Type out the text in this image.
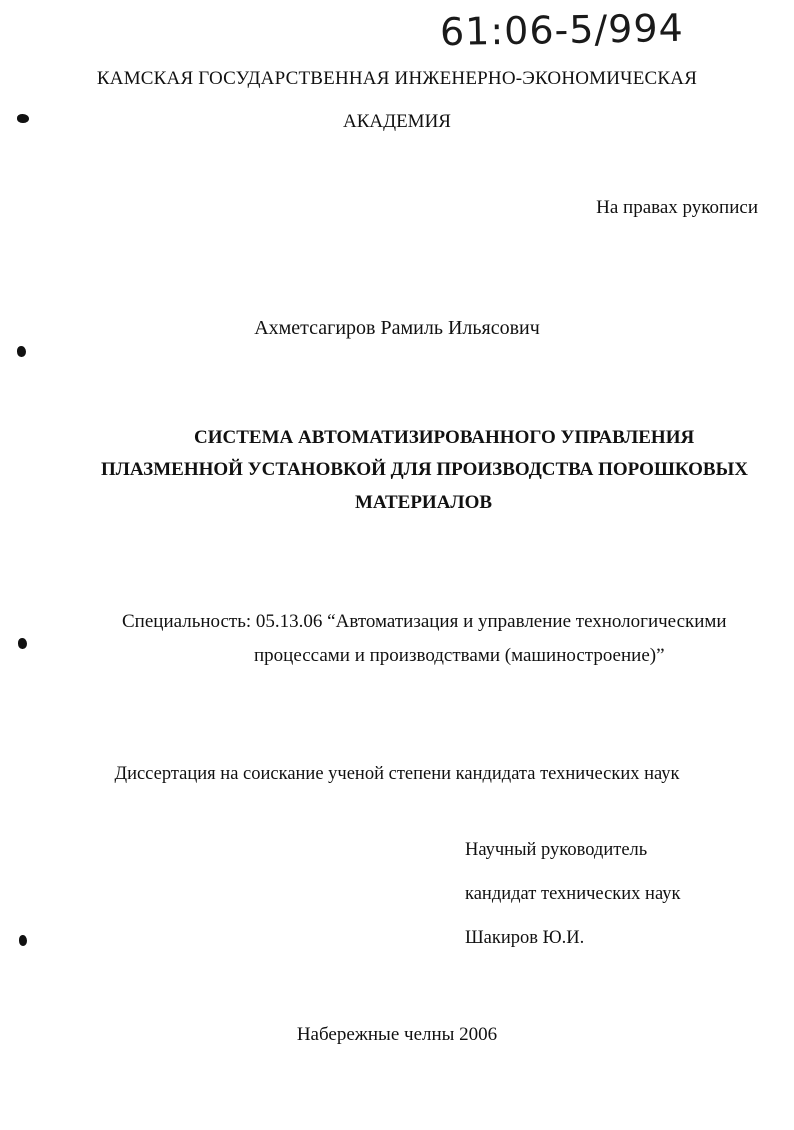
61:06-5/994
КАМСКАЯ ГОСУДАРСТВЕННАЯ ИНЖЕНЕРНО-ЭКОНОМИЧЕСКАЯ
АКАДЕМИЯ
На правах рукописи
Ахметсагиров Рамиль Ильясович
СИСТЕМА АВТОМАТИЗИРОВАННОГО УПРАВЛЕНИЯ
ПЛАЗМЕННОЙ УСТАНОВКОЙ ДЛЯ ПРОИЗВОДСТВА ПОРОШКОВЫХ
МАТЕРИАЛОВ
Специальность: 05.13.06 “Автоматизация и управление технологическими
процессами и производствами (машиностроение)”
Диссертация на соискание ученой степени кандидата технических наук
Научный руководитель
кандидат технических наук
Шакиров Ю.И.
Набережные челны 2006
